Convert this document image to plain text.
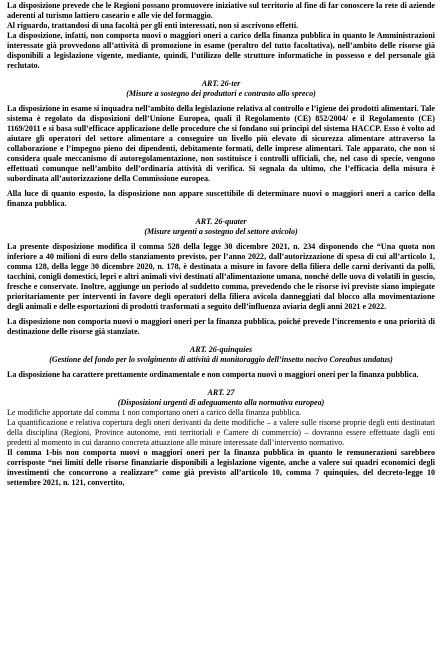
La disposizione prevede che le Regioni possano promuovere iniziative sul territorio al fine di far conoscere la rete di aziende aderenti al turismo lattiero caseario e alle vie del formaggio.

Al riguardo, trattandosi di una facoltà per gli enti interessati, non si ascrivono effetti.

La disposizione, infatti, non comporta nuovi o maggiori oneri a carico della finanza pubblica in quanto le Amministrazioni interessate già provvedono all’attività di promozione in esame (peraltro del tutto facoltativa), nell’ambito delle risorse già disponibili a legislazione vigente, mediante, quindi, l’utilizzo delle strutture informatiche in possesso e del personale già reclutato.

ART. 26-ter
(Misure a sostegno dei produttori e contrasto allo spreco)

La disposizione in esame si inquadra nell’ambito della legislazione relativa al controllo e l’igiene dei prodotti alimentari. Tale sistema è regolato da disposizioni dell’Unione Europea, quali il Regolamento (CE) 852/2004/ e il Regolamento (CE) 1169/2011 e si basa sull’efficace applicazione delle procedure che si fondano sui principi del sistema HACCP. Esso è volto ad aiutare gli operatori del settore alimentare a conseguire un livello più elevato di sicurezza alimentare attraverso la collaborazione e l’impegno pieno dei dipendenti, debitamente formati, delle imprese alimentari. Tale apparato, che non si considera quale meccanismo di autoregolamentazione, non sostituisce i controlli ufficiali, che, nel caso di specie, vengono effettuati comunque nell’ambito dell’ordinaria attività di verifica. Si segnala da ultimo, che l’efficacia della misura è subordinata all’autorizzazione della Commissione europea.

Alla luce di quanto esposto, la disposizione non appare suscettibile di determinare nuovi o maggiori oneri a carico della finanza pubblica.

ART. 26-quater
(Misure urgenti a sostegno del settore avicolo)

La presente disposizione modifica il comma 528 della legge 30 dicembre 2021, n. 234 disponendo che “Una quota non inferiore a 40 milioni di euro dello stanziamento previsto, per l’anno 2022, dall’autorizzazione di spesa di cui all’articolo 1, comma 128, della legge 30 dicembre 2020, n. 178, è destinata a misure in favore della filiera delle carni derivanti da polli, tacchini, conigli domestici, lepri e altri animali vivi destinati all’alimentazione umana, nonché delle uova di volatili in guscio, fresche e conservate. Inoltre, aggiunge un periodo al suddetto comma, prevedendo che le risorse ivi previste siano impiegate prioritariamente per interventi in favore degli operatori della filiera avicola danneggiati dal blocco alla movimentazione degli animali e delle esportazioni di prodotti trasformati a seguito dell’influenza aviaria degli anni 2021 e 2022.

La disposizione non comporta nuovi o maggiori oneri per la finanza pubblica, poiché prevede l’incremento e una priorità di destinazione delle risorse già stanziate.

ART. 26-quinquies
(Gestione del fondo per lo svolgimento di attività di monitoraggio dell’insetto nocivo Coreabus undatus)

La disposizione ha carattere prettamente ordinamentale e non comporta nuovi o maggiori oneri per la finanza pubblica.

ART. 27
(Disposizioni urgenti di adeguamento alla normativa europea)

Le modifiche apportate dal comma 1 non comportano oneri a carico della finanza pubblica.

La quantificazione e relativa copertura degli oneri derivanti da dette modifiche – a valere sulle risorse proprie degli enti destinatari della disciplina (Regioni, Province autonome, enti territoriali e Camere di commercio) – dovranno essere effettuate dagli enti predetti al momento in cui daranno concreta attuazione alle misure interessate dall’intervento normativo.

Il comma 1-bis non comporta nuovi o maggiori oneri per la finanza pubblica in quanto le remunerazioni sarebbero corrisposte “nei limiti delle risorse finanziarie disponibili a legislazione vigente, anche a valere sui quadri economici degli investimenti che concorrono a realizzare” come già previsto all’articolo 10, comma 7 quinquies, del decreto-legge 10 settembre 2021, n. 121, convertito,
